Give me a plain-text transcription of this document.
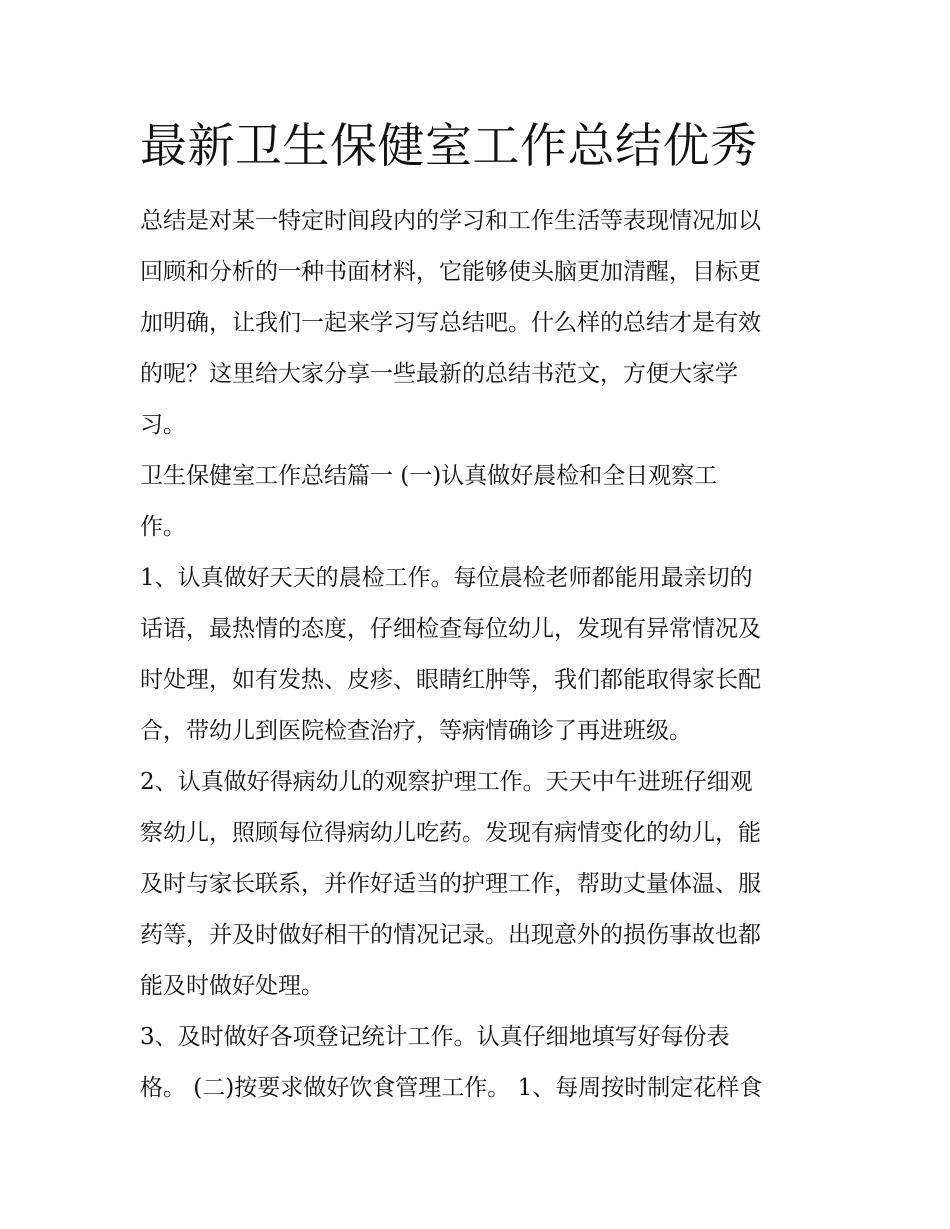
最新卫生保健室工作总结优秀

总结是对某一特定时间段内的学习和工作生活等表现情况加以

回顾和分析的一种书面材料，它能够使头脑更加清醒，目标更

加明确，让我们一起来学习写总结吧。什么样的总结才是有效

的呢？这里给大家分享一些最新的总结书范文，方便大家学

习。

卫生保健室工作总结篇一 (一)认真做好晨检和全日观察工

作。

1、认真做好天天的晨检工作。每位晨检老师都能用最亲切的

话语，最热情的态度，仔细检查每位幼儿，发现有异常情况及

时处理，如有发热、皮疹、眼睛红肿等，我们都能取得家长配

合，带幼儿到医院检查治疗，等病情确诊了再进班级。

2、认真做好得病幼儿的观察护理工作。天天中午进班仔细观

察幼儿，照顾每位得病幼儿吃药。发现有病情变化的幼儿，能

及时与家长联系，并作好适当的护理工作，帮助丈量体温、服

药等，并及时做好相干的情况记录。出现意外的损伤事故也都

能及时做好处理。

3、及时做好各项登记统计工作。认真仔细地填写好每份表

格。 (二)按要求做好饮食管理工作。 1、每周按时制定花样食
